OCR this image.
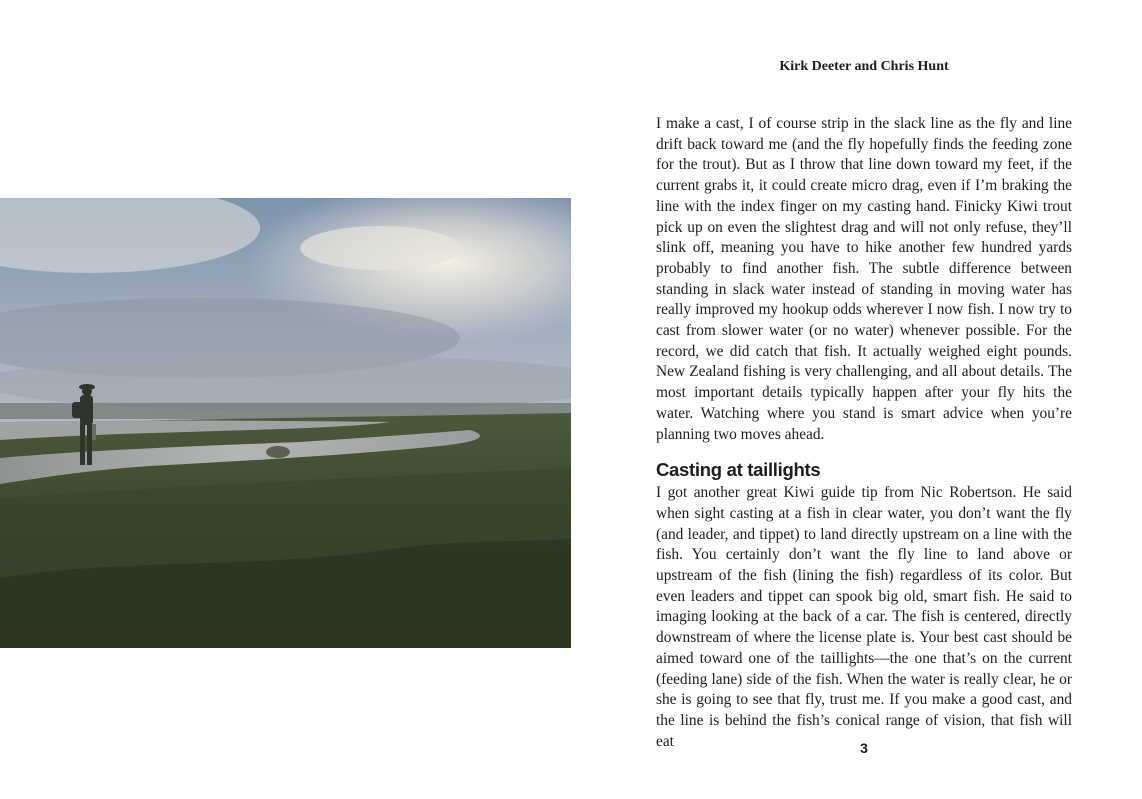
Kirk Deeter and Chris Hunt

I make a cast, I of course strip in the slack line as the fly and line drift back toward me (and the fly hopefully finds the feeding zone for the trout). But as I throw that line down toward my feet, if the current grabs it, it could create micro drag, even if I’m braking the line with the index finger on my casting hand. Finicky Kiwi trout pick up on even the slightest drag and will not only refuse, they’ll slink off, meaning you have to hike another few hundred yards probably to find another fish. The subtle difference between standing in slack water instead of standing in moving water has really improved my hookup odds wherever I now fish. I now try to cast from slower water (or no water) whenever possible. For the record, we did catch that fish. It actually weighed eight pounds. New Zealand fishing is very challenging, and all about details. The most important details typically happen after your fly hits the water. Watching where you stand is smart advice when you’re planning two moves ahead.

Casting at taillights

I got another great Kiwi guide tip from Nic Robertson. He said when sight casting at a fish in clear water, you don’t want the fly (and leader, and tippet) to land directly upstream on a line with the fish. You certainly don’t want the fly line to land above or upstream of the fish (lining the fish) regardless of its color. But even leaders and tippet can spook big old, smart fish. He said to imaging looking at the back of a car. The fish is centered, directly downstream of where the license plate is. Your best cast should be aimed toward one of the taillights—the one that’s on the current (feeding lane) side of the fish. When the water is really clear, he or she is going to see that fly, trust me. If you make a good cast, and the line is behind the fish’s conical range of vision, that fish will eat	3
